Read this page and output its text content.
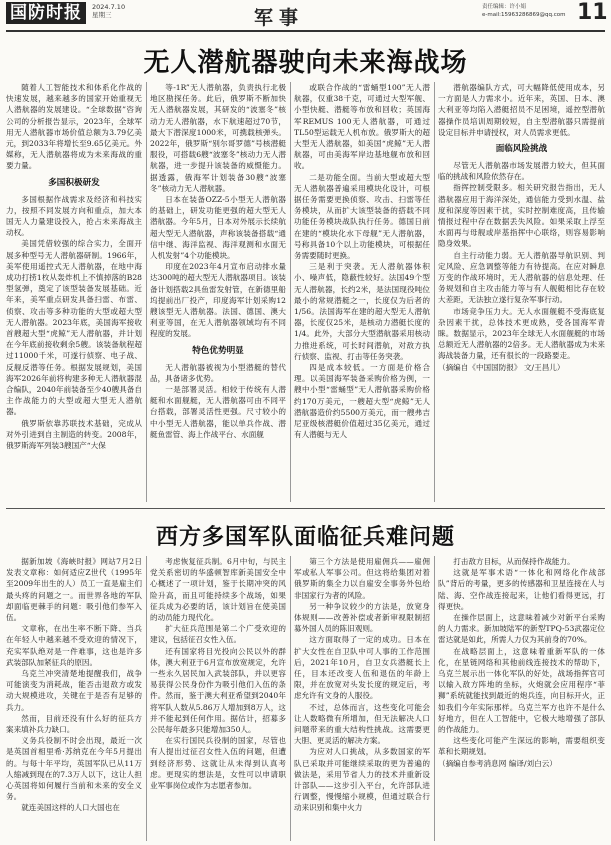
国防时报	2024.7.10
星期三	军事	责任编辑：许小娟
e-mail:15963286869@qq.com 11
无人潜航器驶向未来海战场

随着人工智能技术和体系化作战的快速发展，越来越多的国家开始重视无人潜航器的发展建设。“全球数据”咨询公司的分析报告显示，2023年，全球军用无人潜航器市场价值总额为3.79亿美元，到2033年将增长至9.65亿美元。外媒称，无人潜航器将成为未来海战的重要力量。

多国积极研发

多国根据作战需求及经济和科技实力，按照不同发展方向和重点，加大本国无人力量建设投入，抢占未来海战主动权。

美国凭借较强的综合实力，全面开展多种型号无人潜航器研制。1966年，美军使用遥控式无人潜航器，在地中海成功打捞1枚从轰炸机上不慎掉落的B28型氢弹，奠定了该型装备发展基础。近年来，美军重点研发具备扫雷、布雷、侦察、攻击等多种功能的大型或超大型无人潜航器。2023年底，美国海军接收首艘超大型“虎鲸”无人潜航器，并计划在今年底前接收剩余5艘。该装备航程超过11000千米，可遂行侦察、电子战、反舰反潜等任务。根据发展规划，美国海军2026年前将构建多种无人潜航器混合编队，2040年前装备至少40艘具备自主作战能力的大型或超大型无人潜航器。

俄罗斯依靠苏联技术基础，完成从对外引进到自主制造的转变。2008年，俄罗斯海军列装3艘国产“大保

等-1R”无人潜航器，负责执行北极地区勘探任务。此后，俄罗斯不断加快无人潜航器发展，其研发的“波塞冬”核动力无人潜航器，水下航速超过70节，最大下潜深度1000米，可携载核弹头。2022年，俄罗斯“别尔哥罗德”号核潜艇服役，可搭载6艘“波塞冬”核动力无人潜航器，进一步提升该装备的威慑能力。据透露，俄海军计划装备30艘“波塞冬”核动力无人潜航器。

日本在装备OZZ-5小型无人潜航器的基础上，研发功能更强的超大型无人潜航器。今年5月，日本对外展示长续航超大型无人潜航器，声称该装备搭载“通信中继、海洋监视、海洋观测和水面无人机发射”4个功能模块。

印度在2023年4月宣布启动排水量达300吨的超大型无人潜航器项目。该装备计划搭载2具鱼雷发射管，在新德里船坞提前出厂投产，印度海军计划采购12艘该型无人潜航器。法国、德国、澳大利亚等国，在无人潜航器领域均有不同程度的发展。

特色优势明显

无人潜航器被视为小型潜艇的替代品，具备诸多优势。

一是部署灵活。相较于传统有人潜艇和水面舰艇，无人潜航器可由不同平台搭载，部署灵活性更强。尺寸较小的中小型无人潜航器，能以单兵作战、潜艇鱼雷管、海上作战平台、水面舰

或联合作战的“雷蛹型100”无人潜航器，仅重38千克，可通过大型军舰、小型快艇、潜艇等布放和回收；英国海军REMUS 100无人潜航器，可通过TL50型运载无人机布放。俄罗斯大的超大型无人潜航器，如美国“虎鲸”无人潜航器，可由美海军岸边基地舰布放和回收。

二是功能全面。当前大型或超大型无人潜航器普遍采用模块化设计，可根据任务需要更换侦察、攻击、扫雷等任务模块，从而扩大该型装备的搭载不同功能任务模块战队执行任务。德国日前在建的“模块化水下母舰”无人潜航器，号称具备10个以上功能模块，可根据任务需要随时更换。

三是利于突袭。无人潜航器体积小、噪声低，隐蔽性较好。法国49个型无人潜航器，长约2米，是法国现役吨位最小的常规潜艇之一，长度仅为后者的1/56。法国海军在建的超大型无人潜航器，长度仅25米，是核动力潜艇长度的1/4。此外，大部分大型潜航器采用核动力推进系统，可长时间潜航，对敌方执行侦察、监视、打击等任务突袭。

四是成本较低。一方面是价格合理。以美国海军装备采购价格为例，一艘中小型“雷蛹型”无人潜航器采购价格约170万美元，一艘超大型“虎鲸”无人潜航器造价约5500万美元，而一艘弗吉尼亚级核潜艇价值超过35亿美元，通过有人潜艇与无人

潜航器编队方式，可大幅降低使用成本，另一方面是人力需求小。近年来，英国、日本、澳大利亚等均陷入潜艇招员不足困境，遥控型潜航器操作员培训周期较短，自主型潜航器只需提前设定目标并申请授权，对人员需求更低。

面临风险挑战

尽管无人潜航器市场发展潜力较大，但其面临的挑战和风险依然存在。

指挥控制受限多。相关研究报告指出，无人潜航器应用于海洋深处，通信能力受到水温、盐度和深度等因素干扰，实时控制难度高，且传输情报过程中存在数据丢失风险。如果采取上浮至水面再与母舰或岸基指挥中心联络，则容易影响隐身效果。

自主行动能力弱。无人潜航器导航识别、判定风险、应急调整等能力有待提高。在应对瞬息万变的作战环境时，无人潜航器的信息处理、任务规划和自主攻击能力等与有人舰艇相比存在较大差距，无法独立遂行复杂军事行动。

市场竞争压力大。无人水面舰艇不受海底复杂因素干扰，总体技术更成熟，受各国海军青睐。数据显示，2023年全球无人水面舰艇的市场总额近无人潜航器的2倍多。无人潜航器成为未来海战装备力量，还有很长的一段路要走。

（摘编自《中国国防报》 文/王昌儿）
西方多国军队面临征兵难问题

据新加坡《海峡时报》网站7月2日发表文章称：如何适应Z世代（1995年至2009年出生的人）员工一直是雇主们最头疼的问题之一。而世界各地的军队却面临更棘手的问题：吸引他们参军入伍。

文章称，在出生率不断下降、当兵在年轻人中越来越不受欢迎的情况下，充实军队绝对是一件难事，这也是许多武装部队加紧征兵的原因。

乌克兰冲突清楚地提醒我们，战争可能演变为消耗战，能否击退敌方或发动大规模进攻，关键在于是否有足够的兵力。

然而，目前还没有什么好的征兵方案来填补兵力缺口。

义务兵役制不时会出现，最近一次是英国首相里希·苏纳克在今年5月提出的。与每十年平均，英国军队已从11万人缩减到现在的7.3万人以下，这让人担心英国将如何履行当前和未来的安全义务。

就连美国这样的人口大国也在

考虑恢复征兵制。6月中旬，与民主党关系密切的华盛顿智库新美国安全中心概述了一项计划，鉴于长期冲突的风险升高，而且可能持续多个战场，如果征兵成为必要的话，该计划旨在使美国的动员能力现代化。

扩大征兵范围是第二个广受欢迎的建议，包括征召女性入伍。

还有国家将目光投向公民以外的群体，澳大利亚于6月宣布放宽规定，允许一些永久居民加入武装部队，并以更容易获得公民身份作为吸引他们入伍的条件。然而，鉴于澳大利亚希望到2040年将军队人数从5.86万人增加到8万人，这并不能起到任何作用。据估计，招募多公民每年最多只能增加350人。

在实行国民兵役制的国家，尽管也有人提出过征召女性入伍的问题，但遭到经济形势、这就让从未得到认真考虑。更现实的想法是，女性可以申请职业军事岗位或作为志愿者参加。

第三个方法是使用雇佣兵——雇佣军或私人军事公司。但这将给集团对着俄罗斯的集全力以自雇安全事务外包给非国家行为者的风险。

另一种争议较少的方法是，放宽身体规则——改善补偿或者新审视限制招募外国人员的陈旧观则。

这方面取得了一定的成功。日本在扩大女性在自卫队中可人事的工作范围后，2021年10月，自卫女兵潜艇长上任，目本还改变人伍和退伍的年龄上限，并在放宽对头发长度的规定后，考虑允许有文身的人服役。

不过，总体而言，这些变化可能会让人数略微有所增加，但无法解决人口问题带来的重大结构性挑战。这需要更大胆、更灵活的解决方案。

为应对人口挑战，从多数国家的军队已采取并可能继续采取的更为普遍的做法是，采用节省人力的技术并重新设计部队——这步引入平台，允许部队进行调整，慢慢缩小规模，但通过联合行动来识别和集中火力

打击敌方目标，从而保持作战能力。

这就是军事术语“一体化和网络化作战部队”背后的考量，更多的传感器和卫星连接在人与陆、海、空作战连接起来，让他们看得更远，打得更快。

在操作层面上，这意味着减少对新平台采购的人力需求。新加坡陆军的新型TPQ-53武器定位雷达就是如此，所需人力仅为其前身的70%。

在战略层面上，这意味着重新军队的一体化，在星链网络和其他前线连接技术的帮助下，乌克兰展示出一体化军队的好处，战场指挥官可以输入敌方阵地的坐标，火炮就会应用程序“菲狮”系统就能找到最近的炮兵连，向目标开火，正如我们今年实际那样。乌克兰军方也许不是什么好地方，但在人工智能中，它极大地增强了部队的作战能力。

这些变化可能产生深远的影响，需要组织变革和长期规划。

（摘编自参考消息网 编译/刘白云）
